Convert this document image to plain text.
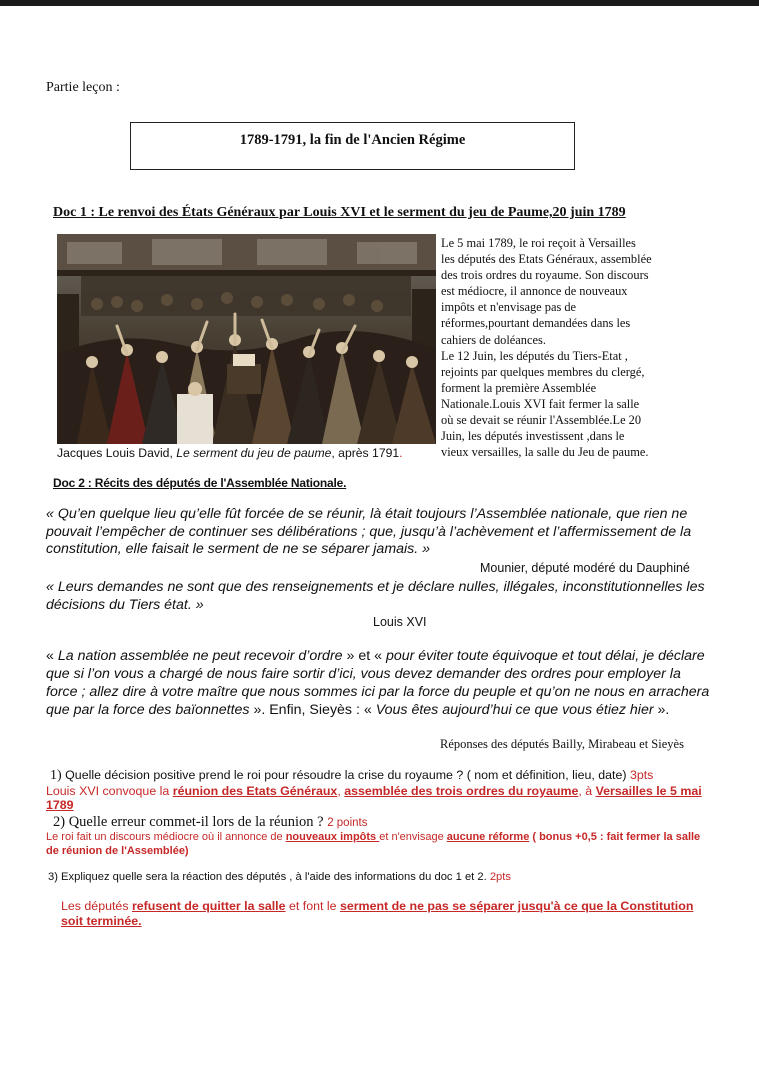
Partie leçon :
1789-1791, la fin de l'Ancien Régime
Doc 1 : Le renvoi des États Généraux par Louis XVI et le serment du jeu de Paume,20 juin 1789
Jacques Louis David, Le serment du jeu de paume, après 1791.
Le 5 mai 1789, le roi reçoit à Versailles
les députés des Etats Généraux, assemblée
des trois ordres du royaume. Son discours
est médiocre, il annonce de nouveaux
impôts et n'envisage pas de
réformes,pourtant demandées dans les
cahiers de doléances.
Le 12 Juin, les députés du Tiers-Etat ,
rejoints par quelques membres du clergé,
forment la première Assemblée
Nationale.Louis XVI fait fermer la salle
où se devait se réunir l'Assemblée.Le 20
Juin, les députés investissent ,dans le
vieux versailles, la salle du Jeu de paume.
Doc 2 : Récits des députés de l'Assemblée Nationale.
« Qu’en quelque lieu qu’elle fût forcée de se réunir, là était toujours l’Assemblée nationale, que rien ne pouvait l’empêcher de continuer ses délibérations ; que, jusqu’à l’achèvement et l’affermissement de la constitution, elle faisait le serment de ne se séparer jamais. »
Mounier, député modéré du Dauphiné
« Leurs demandes ne sont que des renseignements et je déclare nulles, illégales, inconstitutionnelles les décisions du Tiers état. »
Louis XVI
« La nation assemblée ne peut recevoir d’ordre » et « pour éviter toute équivoque et tout délai, je déclare que si l’on vous a chargé de nous faire sortir d’ici, vous devez demander des ordres pour employer la force ; allez dire à votre maître que nous sommes ici par la force du peuple et qu’on ne nous en arrachera que par la force des baïonnettes ». Enfin, Sieyès : « Vous êtes aujourd’hui ce que vous étiez hier ».
Réponses des députés Bailly, Mirabeau et Sieyès
1) Quelle décision positive prend le roi pour résoudre la crise du royaume ? ( nom et définition, lieu, date) 3pts
Louis XVI convoque la réunion des Etats Généraux, assemblée des trois ordres du royaume, à Versailles le 5 mai 1789
2) Quelle erreur commet-il lors de la réunion ? 2 points
Le roi fait un discours médiocre où il annonce de nouveaux impôts et n'envisage aucune réforme ( bonus +0,5 : fait fermer la salle de réunion de l'Assemblée)
3) Expliquez quelle sera la réaction des députés , à l'aide des informations du doc 1 et 2. 2pts
Les députés refusent de quitter la salle et font le serment de ne pas se séparer jusqu'à ce que la Constitution soit terminée.
